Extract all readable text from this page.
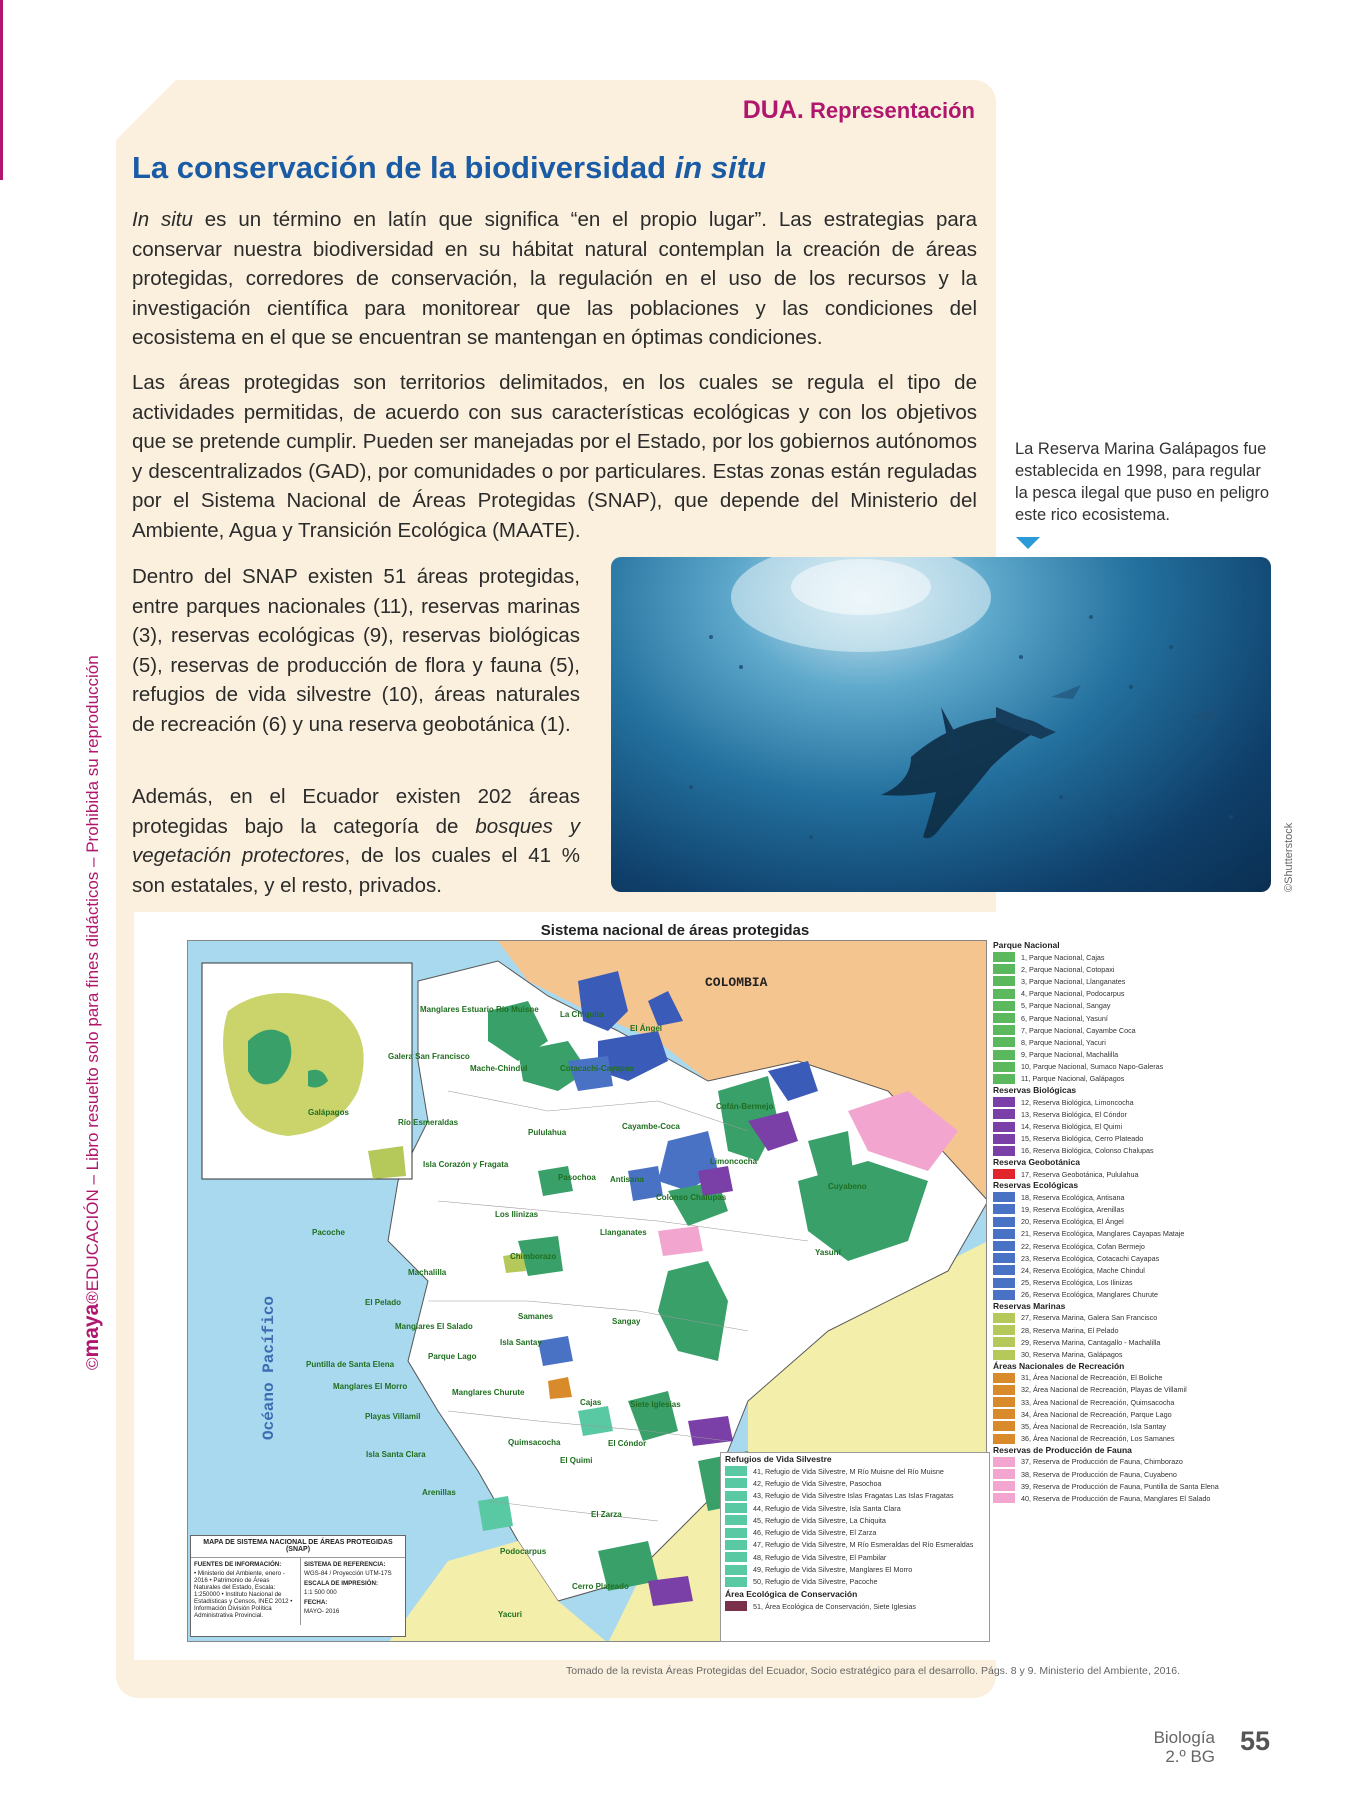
©maya®EDUCACIÓN – Libro resuelto solo para fines didácticos – Prohibida su reproducción
DUA. Representación
La conservación de la biodiversidad in situ

In situ es un término en latín que significa “en el propio lugar”. Las estrategias para conservar nuestra biodiversidad en su hábitat natural contemplan la creación de áreas protegidas, corredores de conservación, la regulación en el uso de los recursos y la investigación científica para monitorear que las poblaciones y las condiciones del ecosistema en el que se encuentran se mantengan en óptimas condiciones.

Las áreas protegidas son territorios delimitados, en los cuales se regula el tipo de actividades permitidas, de acuerdo con sus características ecológicas y con los objetivos que se pretende cumplir. Pueden ser manejadas por el Estado, por los gobiernos autónomos y descentralizados (GAD), por comunidades o por particulares. Estas zonas están reguladas por el Sistema Nacional de Áreas Protegidas (SNAP), que depende del Ministerio del Ambiente, Agua y Transición Ecológica (MAATE).

Dentro del SNAP existen 51 áreas protegidas, entre parques nacionales (11), reservas marinas (3), reservas ecológicas (9), reservas biológicas (5), reservas de producción de flora y fauna (5), refugios de vida silvestre (10), áreas naturales de recreación (6) y una reserva geobotánica (1).

Además, en el Ecuador existen 202 áreas protegidas bajo la categoría de bosques y vegetación protectores, de los cuales el 41 % son estatales, y el resto, privados.

La Reserva Marina Galápagos fue establecida en 1998, para regular la pesca ilegal que puso en peligro este rico ecosistema.
©Shutterstock
Sistema nacional de áreas protegidas
COLOMBIA
Océano Pacífico
Manglares Estuario Río Muisne
La Chiquita
El Ángel
Galera San Francisco
Mache-Chindul	Cotacachi-Cayapas
Galápagos
Río Esmeraldas
Pululahua
Cayambe-Coca
Cofán-Bermejo
Isla Corazón y Fragata	Limoncocha
Cuyabeno
Pasochoa Antisana
Colonso Chalupas
Los Ilinizas
Llanganates
Yasuní
Pacoche
Machalilla
Chimborazo
El Pelado
Manglares El Salado
Samanes
Sangay
Isla Santay
Parque Lago
Puntilla de Santa Elena
Manglares El Morro
Manglares Churute
Cajas
Playas Villamil
Siete Iglesias
Isla Santa Clara
Quimsacocha
El Quimi
El Cóndor
Arenillas
El Zarza
Podocarpus
Yacuri
Cerro Plateado
MAPA DE SISTEMA NACIONAL DE ÁREAS PROTEGIDAS (SNAP)
FUENTES DE INFORMACIÓN:
• Ministerio del Ambiente, enero - 2016 • Patrimonio de Áreas Naturales del Estado, Escala: 1:250000 • Instituto Nacional de Estadísticas y Censos, INEC 2012 • Información División Política Administrativa Provincial.
SISTEMA DE REFERENCIA:
WGS-84 / Proyección UTM-17S
ESCALA DE IMPRESIÓN:
1:1 500 000
FECHA:
MAYO- 2016
Parque Nacional
1, Parque Nacional, Cajas
2, Parque Nacional, Cotopaxi
3, Parque Nacional, Llanganates
4, Parque Nacional, Podocarpus
5, Parque Nacional, Sangay
6, Parque Nacional, Yasuní
7, Parque Nacional, Cayambe Coca
8, Parque Nacional, Yacuri
9, Parque Nacional, Machalilla
10, Parque Nacional, Sumaco Napo-Galeras
11, Parque Nacional, Galápagos
Reservas Biológicas
12, Reserva Biológica, Limoncocha
13, Reserva Biológica, El Cóndor
14, Reserva Biológica, El Quimi
15, Reserva Biológica, Cerro Plateado
16, Reserva Biológica, Colonso Chalupas
Reserva Geobotánica
17, Reserva Geobotánica, Pululahua
Reservas Ecológicas
18, Reserva Ecológica, Antisana
19, Reserva Ecológica, Arenillas
20, Reserva Ecológica, El Ángel
21, Reserva Ecológica, Manglares Cayapas Mataje
22, Reserva Ecológica, Cofan Bermejo
23, Reserva Ecológica, Cotacachi Cayapas
24, Reserva Ecológica, Mache Chindul
25, Reserva Ecológica, Los Ilinizas
26, Reserva Ecológica, Manglares Churute
Reservas Marinas
27, Reserva Marina, Galera San Francisco
28, Reserva Marina, El Pelado
29, Reserva Marina, Cantagallo - Machalilla
30, Reserva Marina, Galápagos
Áreas Nacionales de Recreación
31, Área Nacional de Recreación, El Boliche
32, Área Nacional de Recreación, Playas de Villamil
33, Área Nacional de Recreación, Quimsacocha
34, Área Nacional de Recreación, Parque Lago
35, Área Nacional de Recreación, Isla Santay
36, Área Nacional de Recreación, Los Samanes
Reservas de Producción de Fauna
37, Reserva de Producción de Fauna, Chimborazo
38, Reserva de Producción de Fauna, Cuyabeno
39, Reserva de Producción de Fauna, Puntilla de Santa Elena
40, Reserva de Producción de Fauna, Manglares El Salado
Refugios de Vida Silvestre
41, Refugio de Vida Silvestre, M Río Muisne del Río Muisne
42, Refugio de Vida Silvestre, Pasochoa
43, Refugio de Vida Silvestre Islas Fragatas Las Islas Fragatas
44, Refugio de Vida Silvestre, Isla Santa Clara
45, Refugio de Vida Silvestre, La Chiquita
46, Refugio de Vida Silvestre, El Zarza
47, Refugio de Vida Silvestre, M Río Esmeraldas del Río Esmeraldas
48, Refugio de Vida Silvestre, El Pambilar
49, Refugio de Vida Silvestre, Manglares El Morro
50, Refugio de Vida Silvestre, Pacoche
Área Ecológica de Conservación
51, Área Ecológica de Conservación, Siete Iglesias
Tomado de la revista Áreas Protegidas del Ecuador, Socio estratégico para el desarrollo. Págs. 8 y 9. Ministerio del Ambiente, 2016.
Biología
2.º BG
55
